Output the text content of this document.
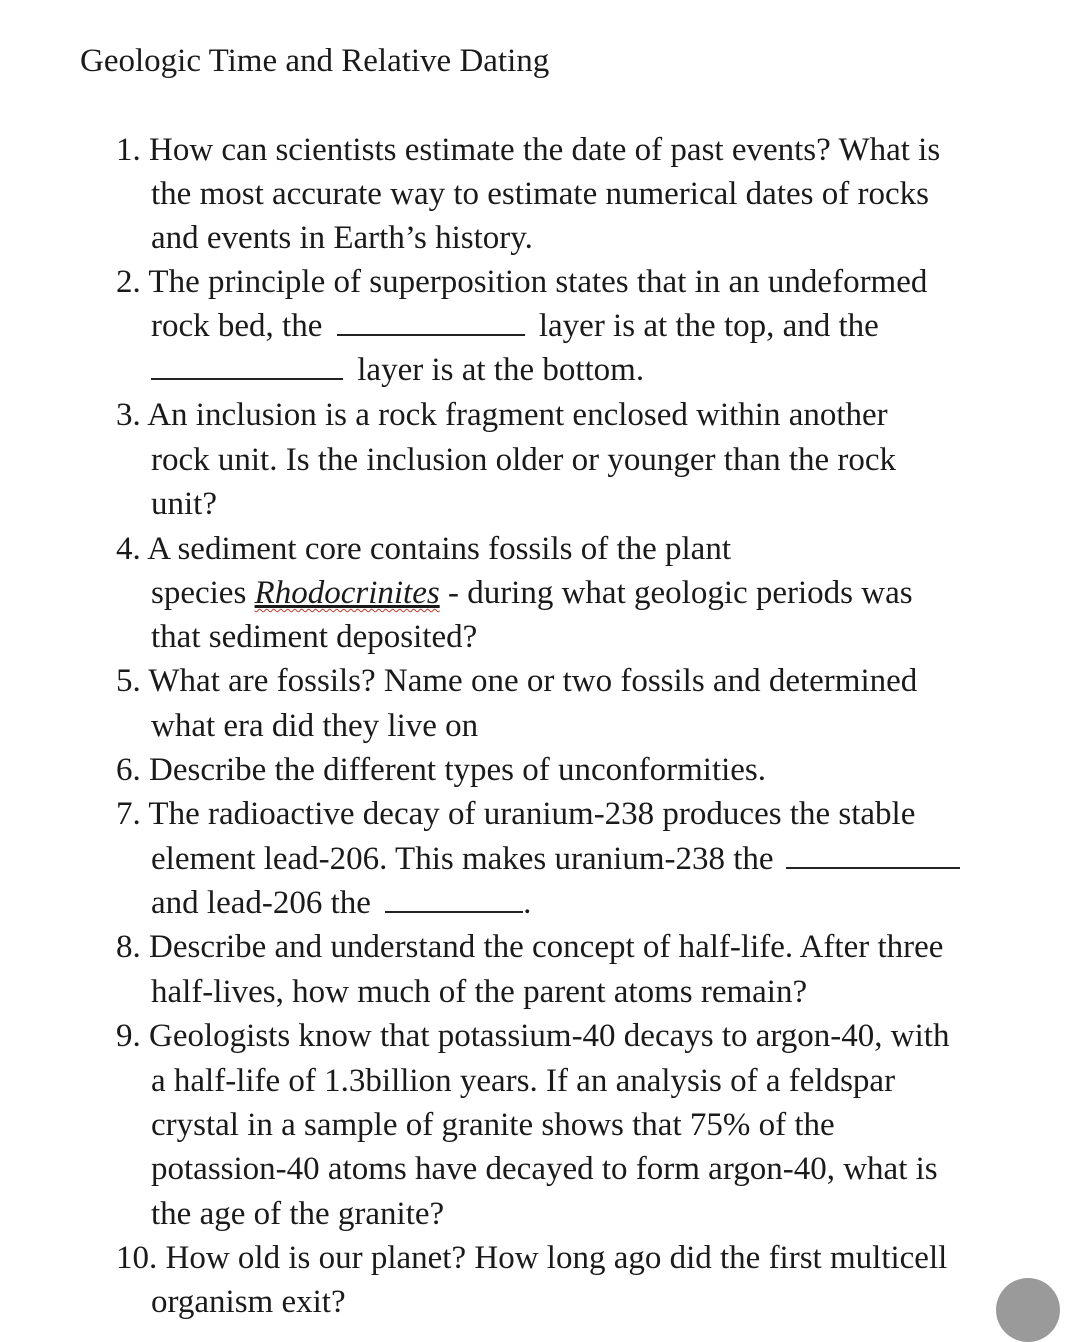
Geologic Time and Relative Dating
1. How can scientists estimate the date of past events? What is
the most accurate way to estimate numerical dates of rocks
and events in Earth’s history.
2. The principle of superposition states that in an undeformed
rock bed, the	layer is at the top, and the
layer is at the bottom.
3. An inclusion is a rock fragment enclosed within another
rock unit. Is the inclusion older or younger than the rock
unit?
4. A sediment core contains fossils of the plant
species Rhodocrinites - during what geologic periods was
that sediment deposited?
5. What are fossils? Name one or two fossils and determined
what era did they live on
6. Describe the different types of unconformities.
7. The radioactive decay of uranium-238 produces the stable
element lead-206. This makes uranium-238 the
and lead-206 the	.
8. Describe and understand the concept of half-life. After three
half-lives, how much of the parent atoms remain?
9. Geologists know that potassium-40 decays to argon-40, with
a half-life of 1.3billion years. If an analysis of a feldspar
crystal in a sample of granite shows that 75% of the
potassion-40 atoms have decayed to form argon-40, what is
the age of the granite?
10. How old is our planet? How long ago did the first multicell
organism exit?
